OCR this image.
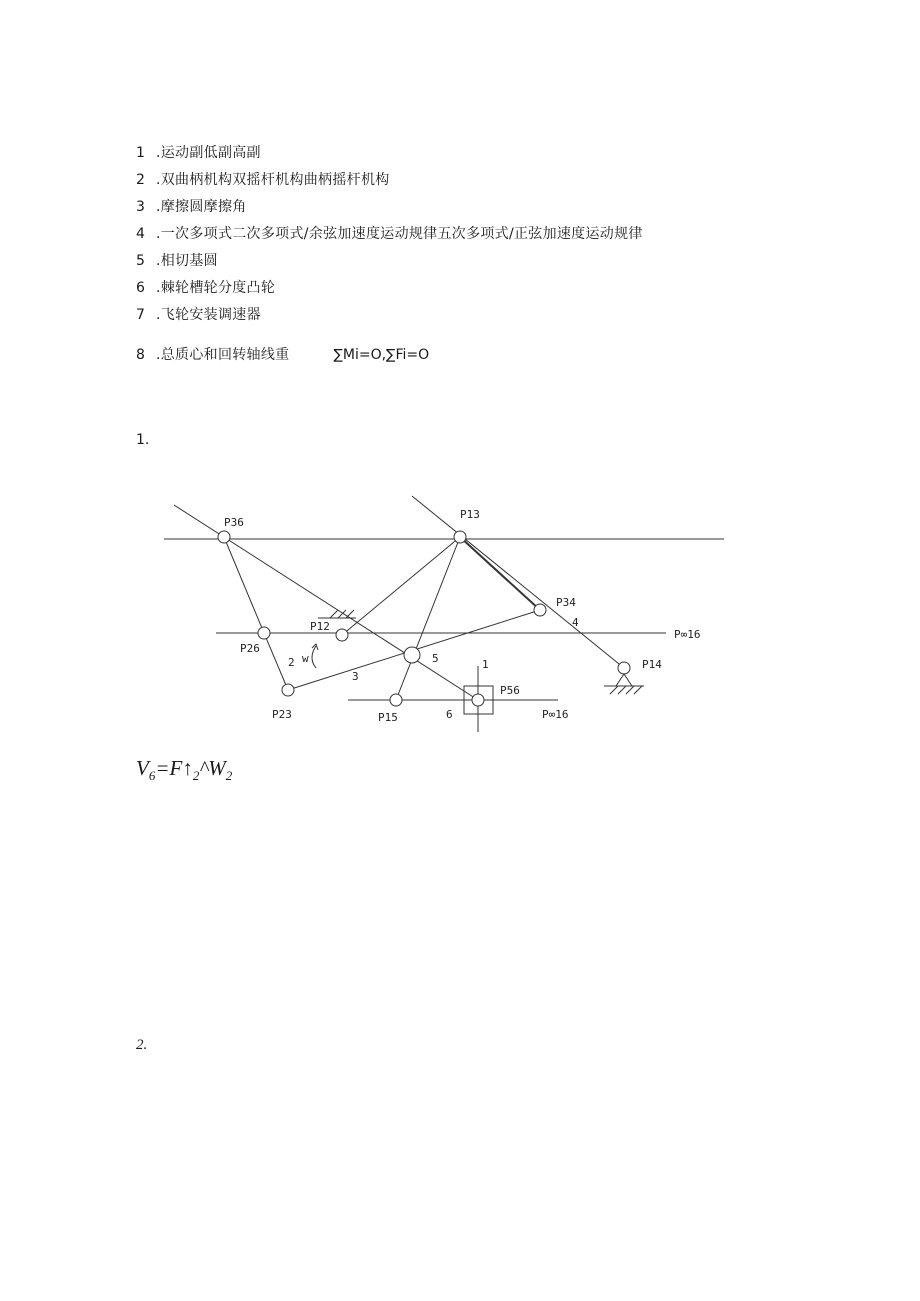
1 .运动副低副高副
2 .双曲柄机构双摇杆机构曲柄摇杆机构
3 .摩擦圆摩擦角
4 .一次多项式二次多项式/余弦加速度运动规律五次多项式/正弦加速度运动规律
5 .相切基圆
6 .棘轮槽轮分度凸轮
7 .飞轮安装调速器
8 .总质心和回转轴线重	∑Mi=O,∑Fi=O
1.
P36
P13
P34
P12
P26
P23	P15
P56
P14
P∞16
P∞16
1
2
3
4
5
6
w
$V_6=F↑_2\^{}W_2$
2.
